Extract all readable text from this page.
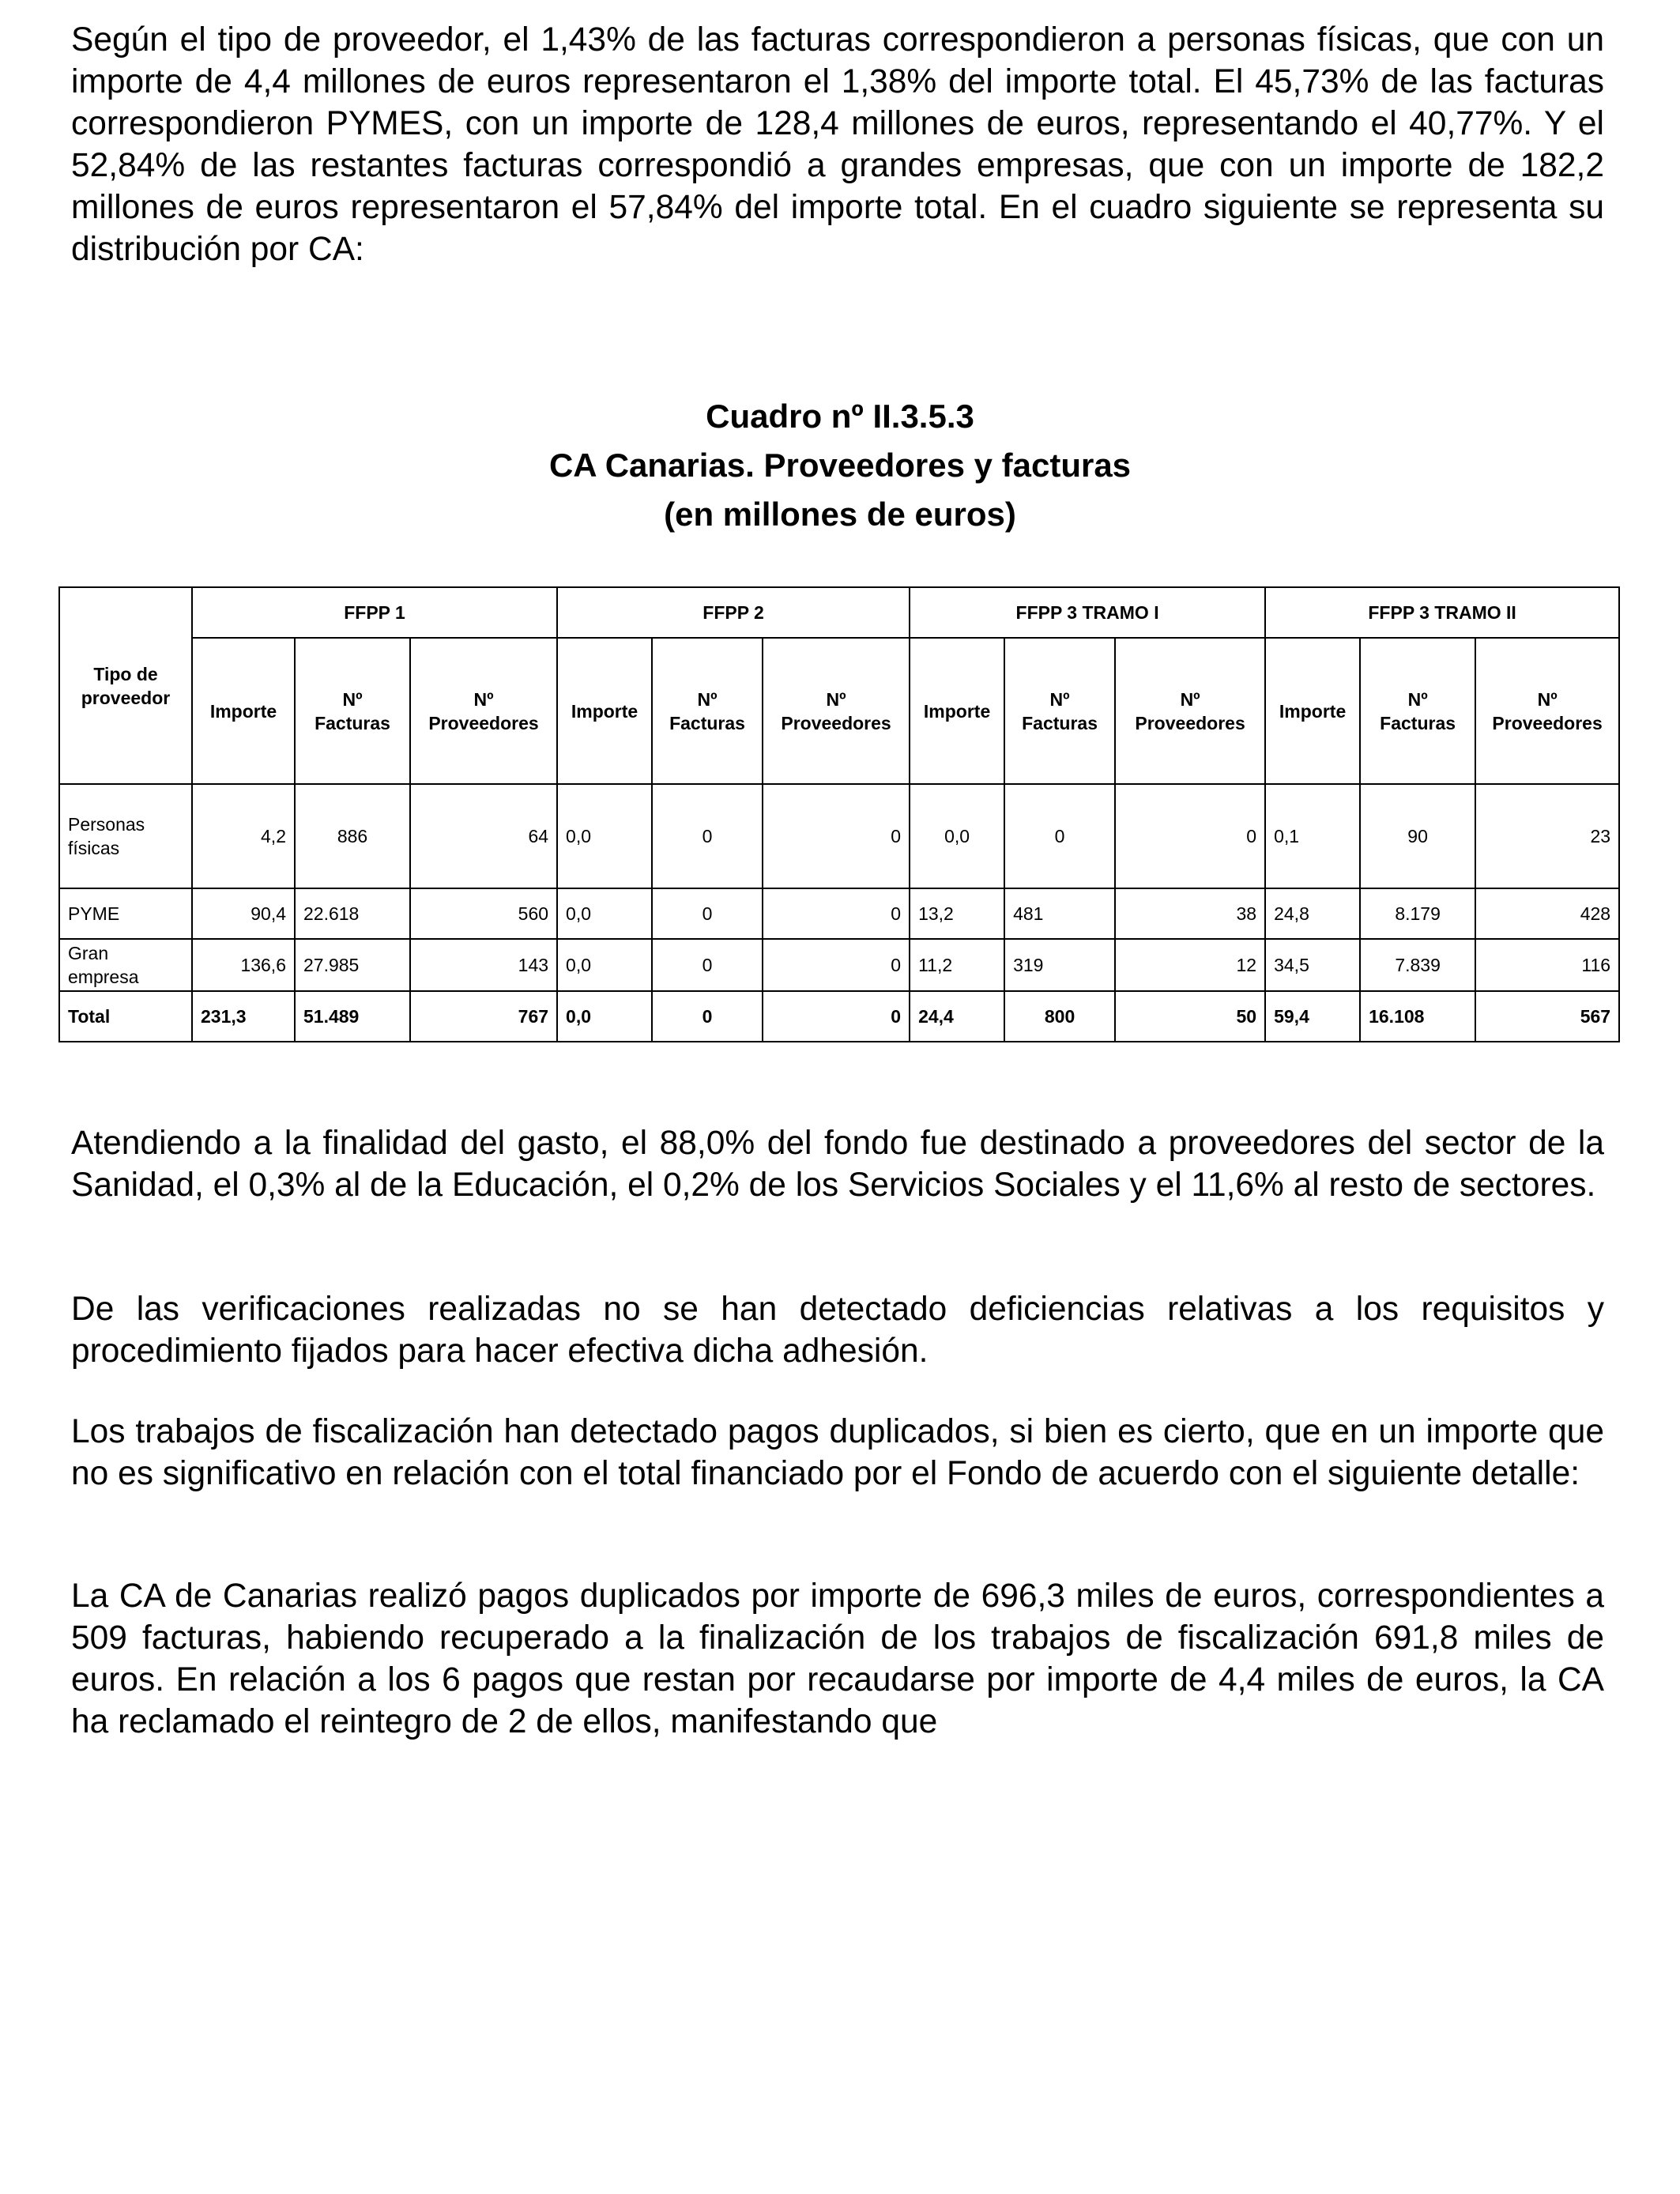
Según el tipo de proveedor, el 1,43% de las facturas correspondieron a personas físicas, que con un importe de 4,4 millones de euros representaron el 1,38% del importe total. El 45,73% de las facturas correspondieron PYMES, con un importe de 128,4 millones de euros, representando el 40,77%. Y el 52,84% de las restantes facturas correspondió a grandes empresas, que con un importe de 182,2 millones de euros representaron el 57,84% del importe total. En el cuadro siguiente se representa su distribución por CA:

Cuadro nº II.3.5.3
CA Canarias. Proveedores y facturas
(en millones de euros)
Tipo de proveedor	FFPP 1			FFPP 2			FFPP 3 TRAMO I			FFPP 3 TRAMO II		
	Importe	Nº Facturas	Nº Proveedores	Importe	Nº Facturas	Nº Proveedores	Importe	Nº Facturas	Nº Proveedores	Importe	Nº Facturas	Nº Proveedores
Personas físicas	4,2	886	64	0,0	0	0	0,0	0	0	0,1	90	23
PYME	90,4	22.618	560	0,0	0	0	13,2	481	38	24,8	8.179	428
Gran empresa	136,6	27.985	143	0,0	0	0	11,2	319	12	34,5	7.839	116
Total	231,3	51.489	767	0,0	0	0	24,4	800	50	59,4	16.108	567

Atendiendo a la finalidad del gasto, el 88,0% del fondo fue destinado a proveedores del sector de la Sanidad, el 0,3% al de la Educación, el 0,2% de los Servicios Sociales y el 11,6% al resto de sectores.

De las verificaciones realizadas no se han detectado deficiencias relativas a los requisitos y procedimiento fijados para hacer efectiva dicha adhesión.

Los trabajos de fiscalización han detectado pagos duplicados, si bien es cierto, que en un importe que no es significativo en relación con el total financiado por el Fondo de acuerdo con el siguiente detalle:

La CA de Canarias realizó pagos duplicados por importe de 696,3 miles de euros, correspondientes a 509 facturas, habiendo recuperado a la finalización de los trabajos de fiscalización 691,8 miles de euros. En relación a los 6 pagos que restan por recaudarse por importe de 4,4 miles de euros, la CA ha reclamado el reintegro de 2 de ellos, manifestando que
